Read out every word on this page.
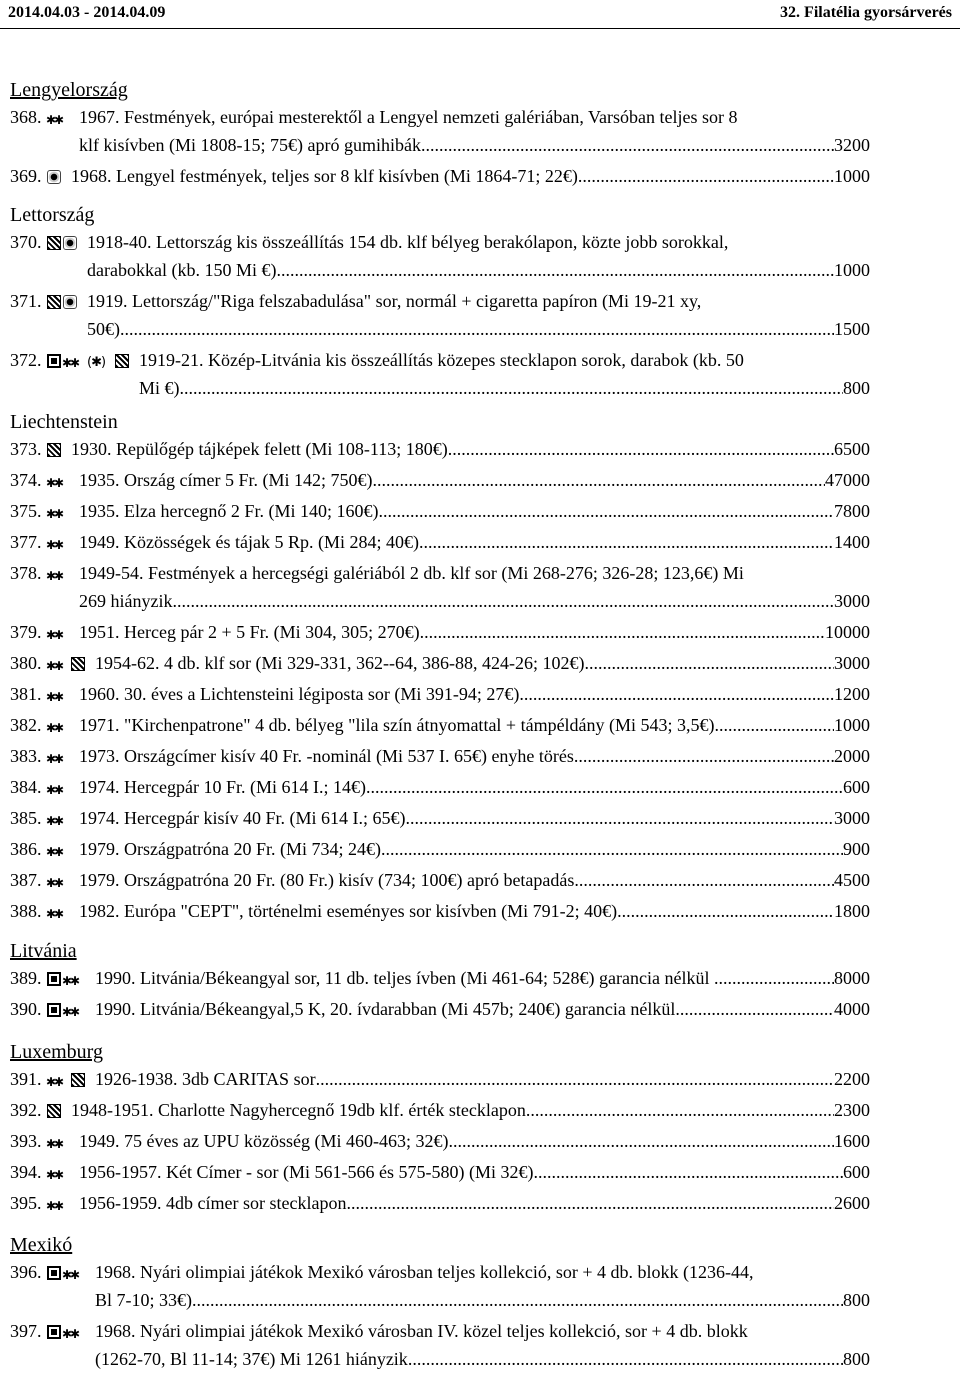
2014.04.03 - 2014.04.09	32. Filatélia gyorsárverés
Lengyelország
368. ✱✱ 1967. Festmények, európai mesterektől a Lengyel nemzeti galériában, Varsóban teljes sor 8
klf kisívben (Mi 1808-15; 75€) apró gumihibák .....	3200
369. 1968. Lengyel festmények, teljes sor 8 klf kisívben (Mi 1864-71; 22€) .....	1000
Lettország
370.	1918-40. Lettország kis összeállítás 154 db. klf bélyeg berakólapon, közte jobb sorokkal,
darabokkal (kb. 150 Mi €) .....	1000
371.	1919. Lettország/"Riga felszabadulása" sor, normál + cigaretta papíron (Mi 19-21 xy,
50€).... .....	1500
372. ✱✱ (✱)	1919-21. Közép-Litvánia kis összeállítás közepes stecklapon sorok, darabok (kb. 50
Mi €) .....	800
Liechtenstein
373. 1930. Repülőgép tájképek felett (Mi 108-113; 180€) .....	6500
374. ✱✱ 1935. Ország címer 5 Fr. (Mi 142; 750€) .....	47000
375. ✱✱ 1935. Elza hercegnő 2 Fr. (Mi 140; 160€) .....	7800
377. ✱✱ 1949. Közösségek és tájak 5 Rp. (Mi 284; 40€) .....	1400
378. ✱✱ 1949-54. Festmények a hercegségi galériából 2 db. klf sor (Mi 268-276; 326-28; 123,6€) Mi
269 hiányzik .....	3000
379. ✱✱ 1951. Herceg pár 2 + 5 Fr. (Mi 304, 305; 270€) .....	10000
380. ✱✱	1954-62. 4 db. klf sor (Mi 329-331, 362--64, 386-88, 424-26; 102€) .....	3000
381. ✱✱ 1960. 30. éves a Lichtensteini légiposta sor (Mi 391-94; 27€) .....	1200
382. ✱✱ 1971. "Kirchenpatrone" 4 db. bélyeg "lila szín átnyomattal + támpéldány (Mi 543; 3,5€). .....	1000
383. ✱✱ 1973. Országcímer kisív 40 Fr. -nominál (Mi 537 I. 65€) enyhe törés .....	2000
384. ✱✱ 1974. Hercegpár 10 Fr. (Mi 614 I.; 14€) .....	600
385. ✱✱ 1974. Hercegpár kisív 40 Fr. (Mi 614 I.; 65€) .....	3000
386. ✱✱ 1979. Országpatróna 20 Fr. (Mi 734; 24€) .....	900
387. ✱✱ 1979. Országpatróna 20 Fr. (80 Fr.) kisív (734; 100€) apró betapadás .....	4500
388. ✱✱ 1982. Európa "CEPT", történelmi eseményes sor kisívben (Mi 791-2; 40€) .....	1800
Litvánia
389. ✱✱	1990. Litvánia/Békeangyal sor, 11 db. teljes ívben (Mi 461-64; 528€) garancia nélkül . .....	8000
390. ✱✱	1990. Litvánia/Békeangyal,5 K, 20. ívdarabban (Mi 457b; 240€) garancia nélkül .....	4000
Luxemburg
391. ✱✱	1926-1938. 3db CARITAS sor .....	2200
392. 1948-1951. Charlotte Nagyhercegnő 19db klf. érték stecklapon .....	2300
393. ✱✱ 1949. 75 éves az UPU közösség (Mi 460-463; 32€) .....	1600
394. ✱✱ 1956-1957. Két Címer - sor (Mi 561-566 és 575-580) (Mi 32€) .....	600
395. ✱✱ 1956-1959. 4db címer sor stecklapon .....	2600
Mexikó
396. ✱✱	1968. Nyári olimpiai játékok Mexikó városban teljes kollekció, sor + 4 db. blokk (1236-44,
Bl 7-10; 33€) .....	800
397. ✱✱	1968. Nyári olimpiai játékok Mexikó városban IV. közel teljes kollekció, sor + 4 db. blokk
(1262-70, Bl 11-14; 37€) Mi 1261 hiányzik .....	800
